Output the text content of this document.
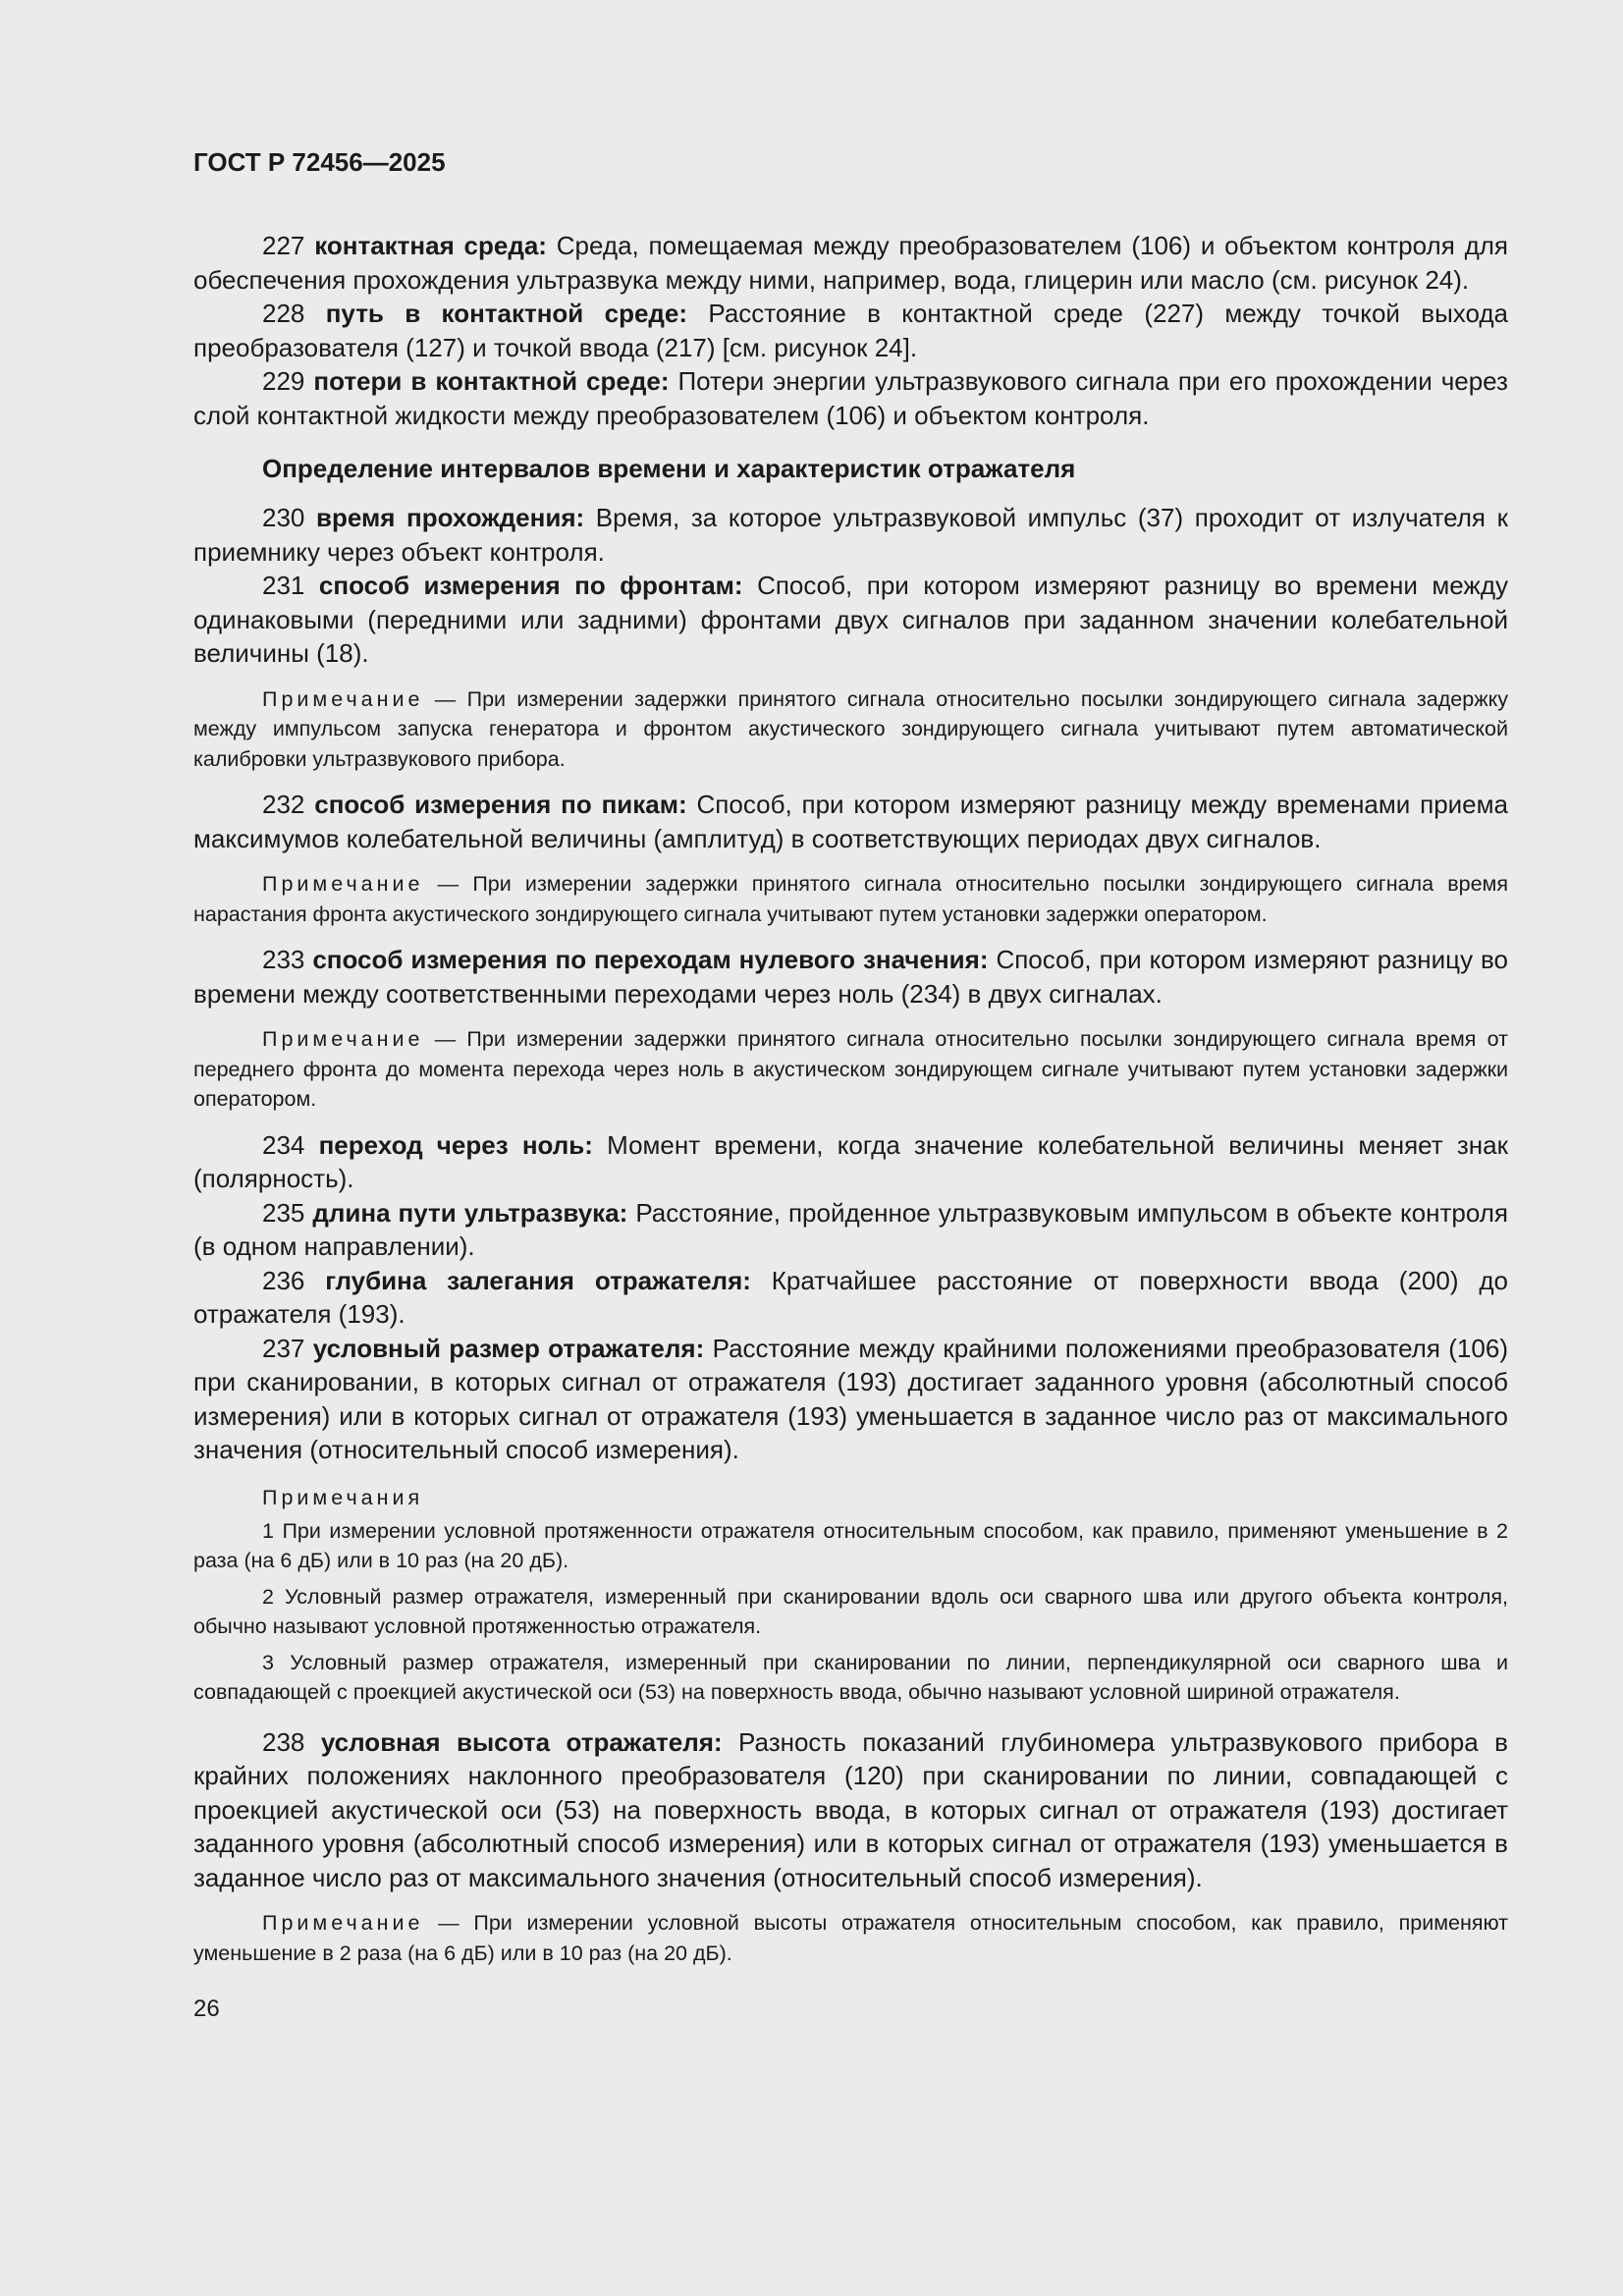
ГОСТ Р 72456—2025

227 контактная среда: Среда, помещаемая между преобразователем (106) и объектом контроля для обеспечения прохождения ультразвука между ними, например, вода, глицерин или масло (см. рисунок 24).

228 путь в контактной среде: Расстояние в контактной среде (227) между точкой выхода преобразователя (127) и точкой ввода (217) [см. рисунок 24].

229 потери в контактной среде: Потери энергии ультразвукового сигнала при его прохождении через слой контактной жидкости между преобразователем (106) и объектом контроля.

Определение интервалов времени и характеристик отражателя

230 время прохождения: Время, за которое ультразвуковой импульс (37) проходит от излучателя к приемнику через объект контроля.

231 способ измерения по фронтам: Способ, при котором измеряют разницу во времени между одинаковыми (передними или задними) фронтами двух сигналов при заданном значении колебательной величины (18).

Примечание — При измерении задержки принятого сигнала относительно посылки зондирующего сигнала задержку между импульсом запуска генератора и фронтом акустического зондирующего сигнала учитывают путем автоматической калибровки ультразвукового прибора.

232 способ измерения по пикам: Способ, при котором измеряют разницу между временами приема максимумов колебательной величины (амплитуд) в соответствующих периодах двух сигналов.

Примечание — При измерении задержки принятого сигнала относительно посылки зондирующего сигнала время нарастания фронта акустического зондирующего сигнала учитывают путем установки задержки оператором.

233 способ измерения по переходам нулевого значения: Способ, при котором измеряют разницу во времени между соответственными переходами через ноль (234) в двух сигналах.

Примечание — При измерении задержки принятого сигнала относительно посылки зондирующего сигнала время от переднего фронта до момента перехода через ноль в акустическом зондирующем сигнале учитывают путем установки задержки оператором.

234 переход через ноль: Момент времени, когда значение колебательной величины меняет знак (полярность).

235 длина пути ультразвука: Расстояние, пройденное ультразвуковым импульсом в объекте контроля (в одном направлении).

236 глубина залегания отражателя: Кратчайшее расстояние от поверхности ввода (200) до отражателя (193).

237 условный размер отражателя: Расстояние между крайними положениями преобразователя (106) при сканировании, в которых сигнал от отражателя (193) достигает заданного уровня (абсолютный способ измерения) или в которых сигнал от отражателя (193) уменьшается в заданное число раз от максимального значения (относительный способ измерения).

Примечания

1 При измерении условной протяженности отражателя относительным способом, как правило, применяют уменьшение в 2 раза (на 6 дБ) или в 10 раз (на 20 дБ).

2 Условный размер отражателя, измеренный при сканировании вдоль оси сварного шва или другого объекта контроля, обычно называют условной протяженностью отражателя.

3 Условный размер отражателя, измеренный при сканировании по линии, перпендикулярной оси сварного шва и совпадающей с проекцией акустической оси (53) на поверхность ввода, обычно называют условной шириной отражателя.

238 условная высота отражателя: Разность показаний глубиномера ультразвукового прибора в крайних положениях наклонного преобразователя (120) при сканировании по линии, совпадающей с проекцией акустической оси (53) на поверхность ввода, в которых сигнал от отражателя (193) достигает заданного уровня (абсолютный способ измерения) или в которых сигнал от отражателя (193) уменьшается в заданное число раз от максимального значения (относительный способ измерения).

Примечание — При измерении условной высоты отражателя относительным способом, как правило, применяют уменьшение в 2 раза (на 6 дБ) или в 10 раз (на 20 дБ).

26
